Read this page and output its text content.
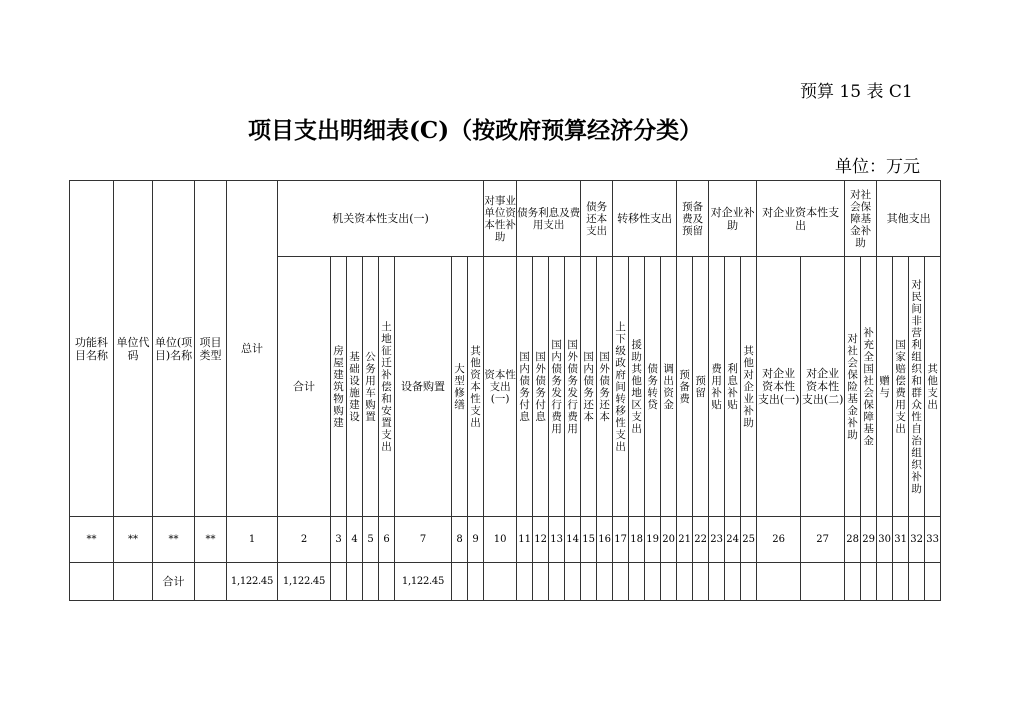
预算 15 表 C1
项目支出明细表(C)（按政府预算经济分类）
单位：万元
功能科目名称	单位代码	单位(项目)名称	项目类型	总计	机关资本性支出(一)								对事业单位资本性补助	债务利息及费用支出				债务还本支出		转移性支出				预备费及预留		对企业补助			对企业资本性支出		对社会保障基金补助		其他支出			
					合计	房屋建筑物购建	基础设施建设	公务用车购置	土地征迁补偿和安置支出	设备购置	大型修缮	其他资本性支出	资本性支出(一)	国内债务付息	国外债务付息	国内债务发行费用	国外债务发行费用	国内债务还本	国外债务还本	上下级政府间转移性支出	援助其他地区支出	债务转贷	调出资金	预备费	预留	费用补贴	利息补贴	其他对企业补助	对企业资本性支出(一)	对企业资本性支出(二)	对社会保险基金补助	补充全国社会保障基金	赠与	国家赔偿费用支出	对民间非营利组织和群众性自治组织补助	其他支出
**	**	**	**	1	2	3	4	5	6	7	8	9	10	11	12	13	14	15	16	17	18	19	20	21	22	23	24	25	26	27	28	29	30	31	32	33
		合计		1,122.45	1,122.45					1,122.45																										
